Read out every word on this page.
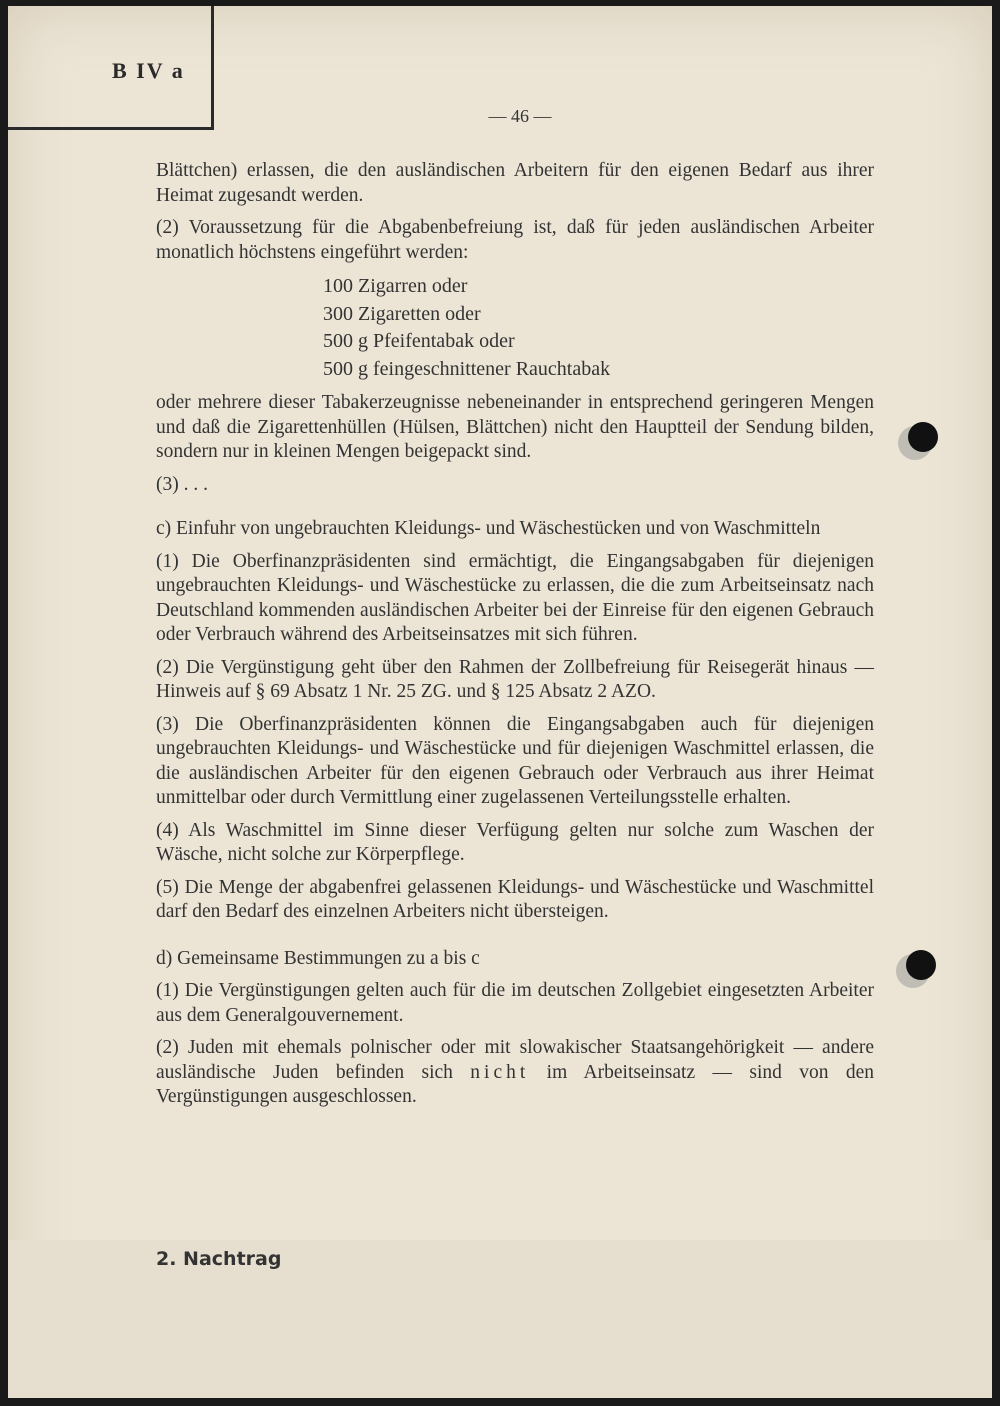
B IV a
— 46 —

Blättchen) erlassen, die den ausländischen Arbeitern für den eigenen Bedarf aus ihrer Heimat zugesandt werden.

(2) Voraussetzung für die Abgabenbefreiung ist, daß für jeden ausländischen Arbeiter monatlich höchstens eingeführt werden:

100 Zigarren oder
300 Zigaretten oder
500 g Pfeifentabak oder
500 g feingeschnittener Rauchtabak

oder mehrere dieser Tabakerzeugnisse nebeneinander in entsprechend geringeren Mengen und daß die Zigarettenhüllen (Hülsen, Blättchen) nicht den Hauptteil der Sendung bilden, sondern nur in kleinen Mengen beigepackt sind.

(3) . . .

c) Einfuhr von ungebrauchten Kleidungs- und Wäschestücken und von Waschmitteln

(1) Die Oberfinanzpräsidenten sind ermächtigt, die Eingangsabgaben für diejenigen ungebrauchten Kleidungs- und Wäschestücke zu erlassen, die die zum Arbeitseinsatz nach Deutschland kommenden ausländischen Arbeiter bei der Einreise für den eigenen Gebrauch oder Verbrauch während des Arbeitseinsatzes mit sich führen.

(2) Die Vergünstigung geht über den Rahmen der Zollbefreiung für Reisegerät hinaus — Hinweis auf § 69 Absatz 1 Nr. 25 ZG. und § 125 Absatz 2 AZO.

(3) Die Oberfinanzpräsidenten können die Eingangsabgaben auch für diejenigen ungebrauchten Kleidungs- und Wäschestücke und für diejenigen Waschmittel erlassen, die die ausländischen Arbeiter für den eigenen Gebrauch oder Verbrauch aus ihrer Heimat unmittelbar oder durch Vermittlung einer zugelassenen Verteilungsstelle erhalten.

(4) Als Waschmittel im Sinne dieser Verfügung gelten nur solche zum Waschen der Wäsche, nicht solche zur Körperpflege.

(5) Die Menge der abgabenfrei gelassenen Kleidungs- und Wäschestücke und Waschmittel darf den Bedarf des einzelnen Arbeiters nicht übersteigen.

d) Gemeinsame Bestimmungen zu a bis c

(1) Die Vergünstigungen gelten auch für die im deutschen Zollgebiet eingesetzten Arbeiter aus dem Generalgouvernement.

(2) Juden mit ehemals polnischer oder mit slowakischer Staatsangehörigkeit — andere ausländische Juden befinden sich nicht im Arbeitseinsatz — sind von den Vergünstigungen ausgeschlossen.

2. Nachtrag
